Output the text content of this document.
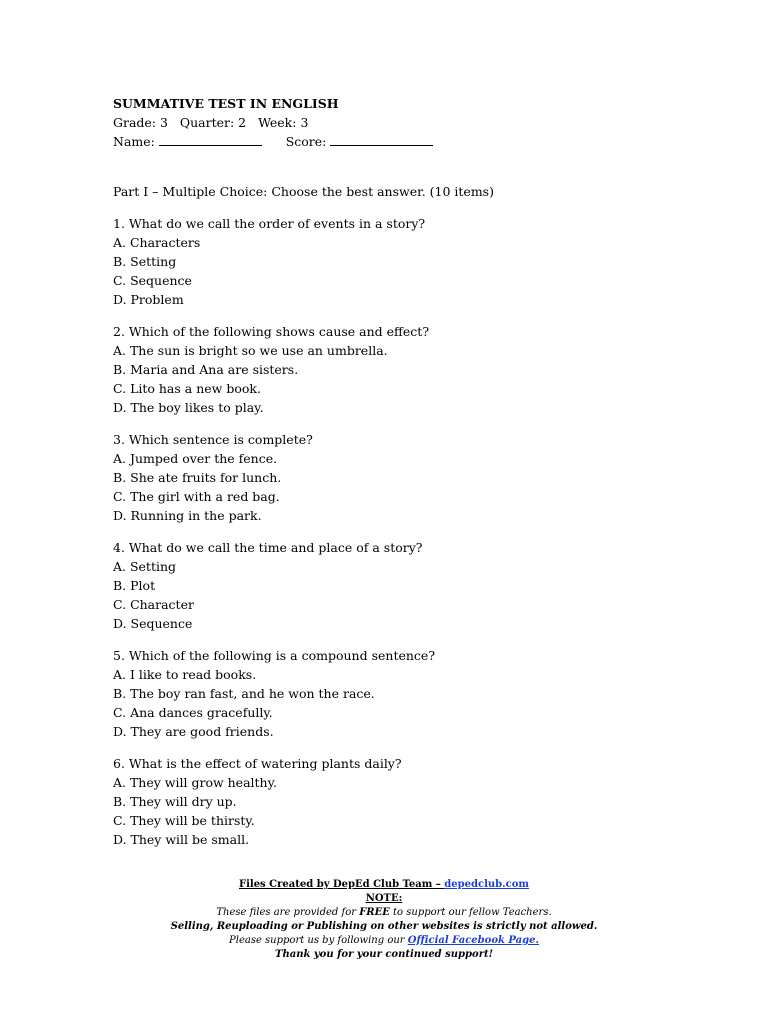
SUMMATIVE TEST IN ENGLISH
Grade: 3 Quarter: 2 Week: 3
Name:	Score:
Part I – Multiple Choice: Choose the best answer. (10 items)
1. What do we call the order of events in a story?
A. Characters
B. Setting
C. Sequence
D. Problem
2. Which of the following shows cause and effect?
A. The sun is bright so we use an umbrella.
B. Maria and Ana are sisters.
C. Lito has a new book.
D. The boy likes to play.
3. Which sentence is complete?
A. Jumped over the fence.
B. She ate fruits for lunch.
C. The girl with a red bag.
D. Running in the park.
4. What do we call the time and place of a story?
A. Setting
B. Plot
C. Character
D. Sequence
5. Which of the following is a compound sentence?
A. I like to read books.
B. The boy ran fast, and he won the race.
C. Ana dances gracefully.
D. They are good friends.
6. What is the effect of watering plants daily?
A. They will grow healthy.
B. They will dry up.
C. They will be thirsty.
D. They will be small.
Files Created by DepEd Club Team – depedclub.com
NOTE:
These files are provided for FREE to support our fellow Teachers.
Selling, Reuploading or Publishing on other websites is strictly not allowed.
Please support us by following our Official Facebook Page.
Thank you for your continued support!
